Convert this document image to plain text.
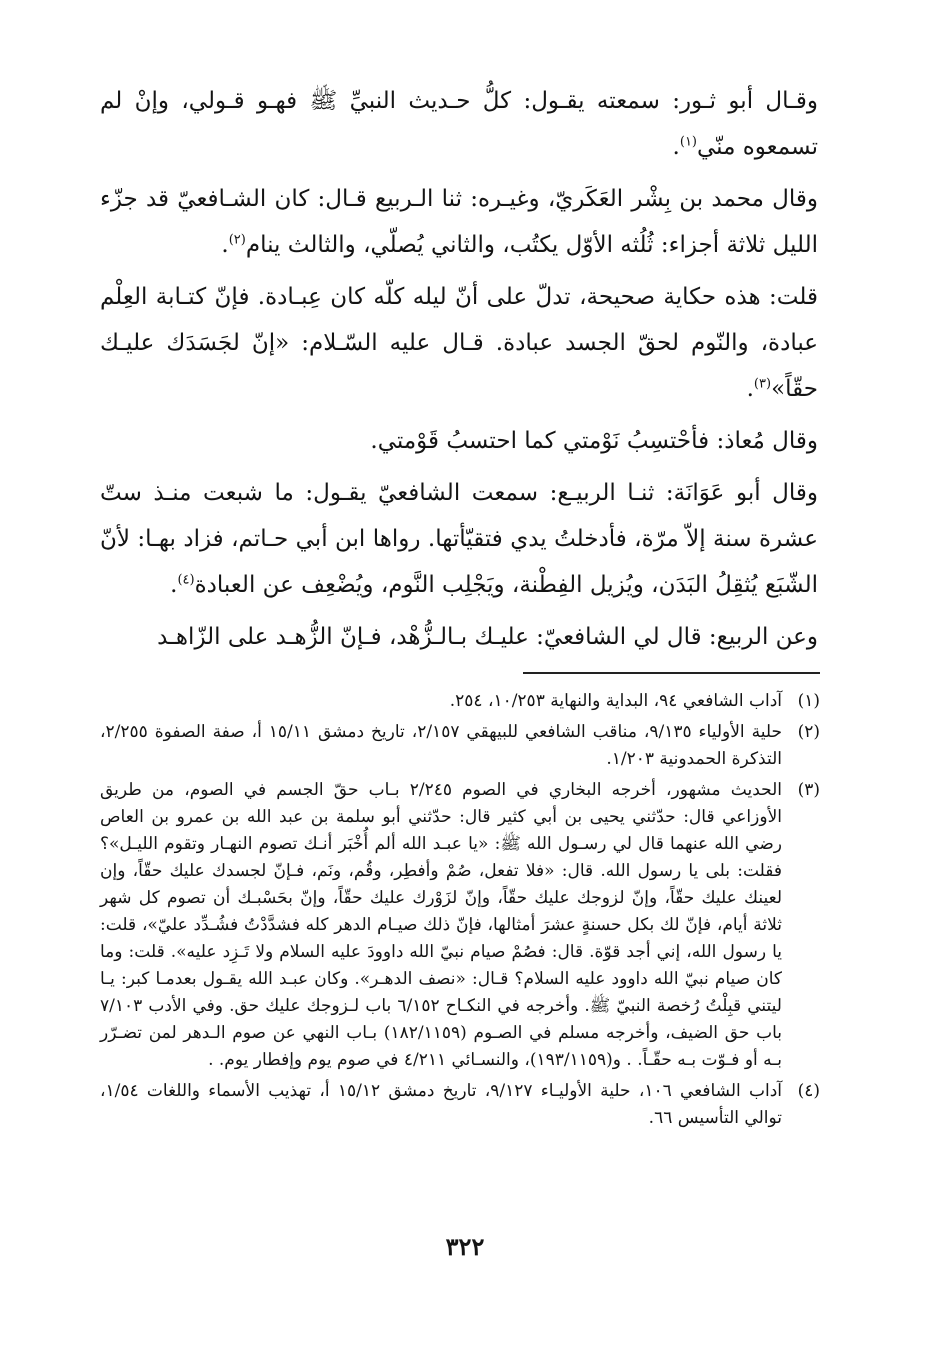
وقـال أبو ثـور: سمعته يقـول: كلُّ حـديث النبيِّ ﷺ فهـو قـولي، وإنْ لم تسمعوه منّي$^{(١)}$.

وقال محمد بن بِشْر العَكَريّ، وغيـره: ثنا الـربيع قـال: كان الشـافعيّ قد جزّء الليل ثلاثة أجزاء: ثُلُثه الأوّل يكتُب، والثاني يُصلّي، والثالث ينام$^{(٢)}$.

قلت: هذه حكاية صحيحة، تدلّ على أنّ ليله كلّه كان عِبـادة. فإنّ كتـابة العِلْم عبادة، والنّوم لحقّ الجسد عبادة. قـال عليه السّـلام: «إنّ لجَسَدَك عليـك حقّاً»$^{(٣)}$.

وقال مُعاذ: فأحْتسِبُ نَوْمتي كما احتسبُ قَوْمتي.

وقال أبو عَوَانَة: ثنـا الربيـع: سمعت الشافعيّ يقـول: ما شبعت منـذ ستّ عشرة سنة إلاّ مرّة، فأدخلتُ يدي فتقيّأتها. رواها ابن أبي حـاتم، فزاد بهـا: لأنّ الشّبَع يُثقِلُ البَدَن، ويُزيل الفِطْنة، ويَجْلِب النَّوم، ويُضْعِف عن العبادة$^{(٤)}$.

وعن الربيع: قال لي الشافعيّ: عليـك بـالـزُّهْد، فـإنّ الزُّهـد على الزّاهـد

(١)
آداب الشافعي ٩٤، البداية والنهاية ١٠/٢٥٣، ٢٥٤.
(٢)
حلية الأولياء ٩/١٣٥، مناقب الشافعي للبيهقي ٢/١٥٧، تاريخ دمشق ١٥/١١ أ، صفة الصفوة ٢/٢٥٥، التذكرة الحمدونية ١/٢٠٣.
(٣)
الحديث مشهور، أخرجه البخاري في الصوم ٢/٢٤٥ بـاب حقّ الجسم في الصوم، من طريق الأوزاعي قال: حدّثني يحيى بن أبي كثير قال: حدّثني أبو سلمة بن عبد الله بن عمرو بن العاص رضي الله عنهما قال لي رسـول الله ﷺ: «يا عبـد الله ألم أُخْبَر أنـك تصوم النهـار وتقوم الليـل»؟ فقلت: بلى يا رسول الله. قال: «فلا تفعل، صُمْ وأفطِر، وقُم، ونَم، فـإنّ لجسدك عليك حقّاً، وإن لعينك عليك حقّاً، وإنّ لزوجك عليك حقّاً، وإنّ لزَوْرك عليك حقّاً، وإنّ بحَسْبـك أن تصوم كل شهر ثلاثة أيام، فإنّ لك بكل حسنةٍ عشرَ أمثالها، فإنّ ذلك صيـام الدهر كله فشدَّدْتُ فشُـدِّد عليّ»، قلت: يا رسول الله، إني أجد قوّة. قال: فصُمْ صيام نبيّ الله داوودَ عليه السلام ولا تَـزِد عليه». قلت: وما كان صيام نبيّ الله داوود عليه السلام؟ قـال: «نصف الدهـر». وكان عبـد الله يقـول بعدمـا كبر: يـا ليتني قبِلْتُ رُخصة النبيّ ﷺ. وأخرجه في النكـاح ٦/١٥٢ باب لـزوجك عليك حق. وفي الأدب ٧/١٠٣ باب حق الضيف، وأخرجه مسلم في الصـوم (١٨٢/١١٥٩) بـاب النهي عن صوم الـدهر لمن تضـرّر بـه أو فـوّت بـه حقّـاً. . و(١٩٣/١١٥٩)، والنسـائي ٤/٢١١ في صوم يوم وإفطار يوم. .
(٤)
آداب الشافعي ١٠٦، حلية الأوليـاء ٩/١٢٧، تاريخ دمشق ١٥/١٢ أ، تهذيب الأسماء واللغات ١/٥٤، توالي التأسيس ٦٦.
٣٢٢
